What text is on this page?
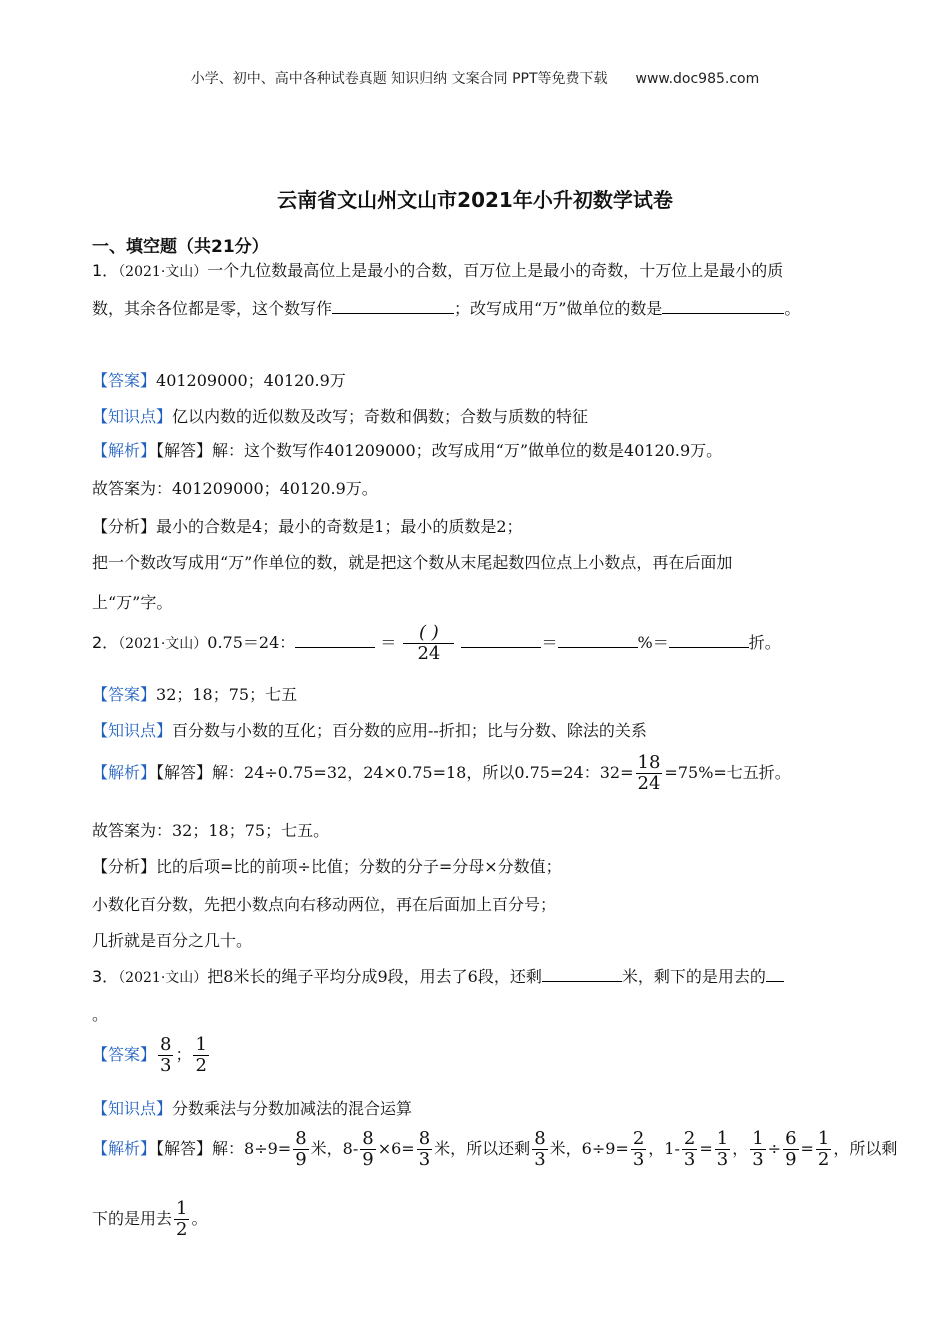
小学、初中、高中各种试卷真题 知识归纳 文案合同 PPT等免费下载 www.doc985.com
云南省文山州文山市2021年小升初数学试卷
一、填空题（共21分）
1．（2021·文山）一个九位数最高位上是最小的合数，百万位上是最小的奇数，十万位上是最小的质
数，其余各位都是零，这个数写作	；改写成用“万”做单位的数是	。
【答案】401209000；40120.9万
【知识点】亿以内数的近似数及改写；奇数和偶数；合数与质数的特征
【解析】【解答】解：这个数写作401209000；改写成用“万”做单位的数是40120.9万。
故答案为：401209000；40120.9万。
【分析】最小的合数是4；最小的奇数是1；最小的质数是2；
把一个数改写成用“万”作单位的数，就是把这个数从末尾起数四位点上小数点，再在后面加
上“万”字。
2．（2021·文山）0.75＝24：	＝ $\frac{( )}{24}$	＝	%＝	折。
【答案】32；18；75；七五
【知识点】百分数与小数的互化；百分数的应用--折扣；比与分数、除法的关系
【解析】【解答】解：24÷0.75=32，24×0.75=18，所以0.75=24：$32= \frac{18}{24} =75\%=$七五折。
故答案为：32；18；75；七五。
【分析】比的后项=比的前项÷比值；分数的分子=分母×分数值；
小数化百分数，先把小数点向右移动两位，再在后面加上百分号；
几折就是百分之几十。
3．（2021·文山）把8米长的绳子平均分成9段，用去了6段，还剩	米，剩下的是用去的
。
【答案】 $\frac{8}{3}$ ； $\frac{1}{2}$
【知识点】分数乘法与分数加减法的混合运算
【解析】【解答】解：$8\div 9= \frac{8}{9}$ 米，$8- \frac{8}{9} \times 6= \frac{8}{3}$ 米，所以还剩 $\frac{8}{3}$ 米，$6\div 9= \frac{2}{3}$ ，$1- \frac{2}{3} = \frac{1}{3}$ ， $\frac{1}{3} \div \frac{6}{9} = \frac{1}{2}$ ，所以剩
下的是用去 $\frac{1}{2}$ 。
